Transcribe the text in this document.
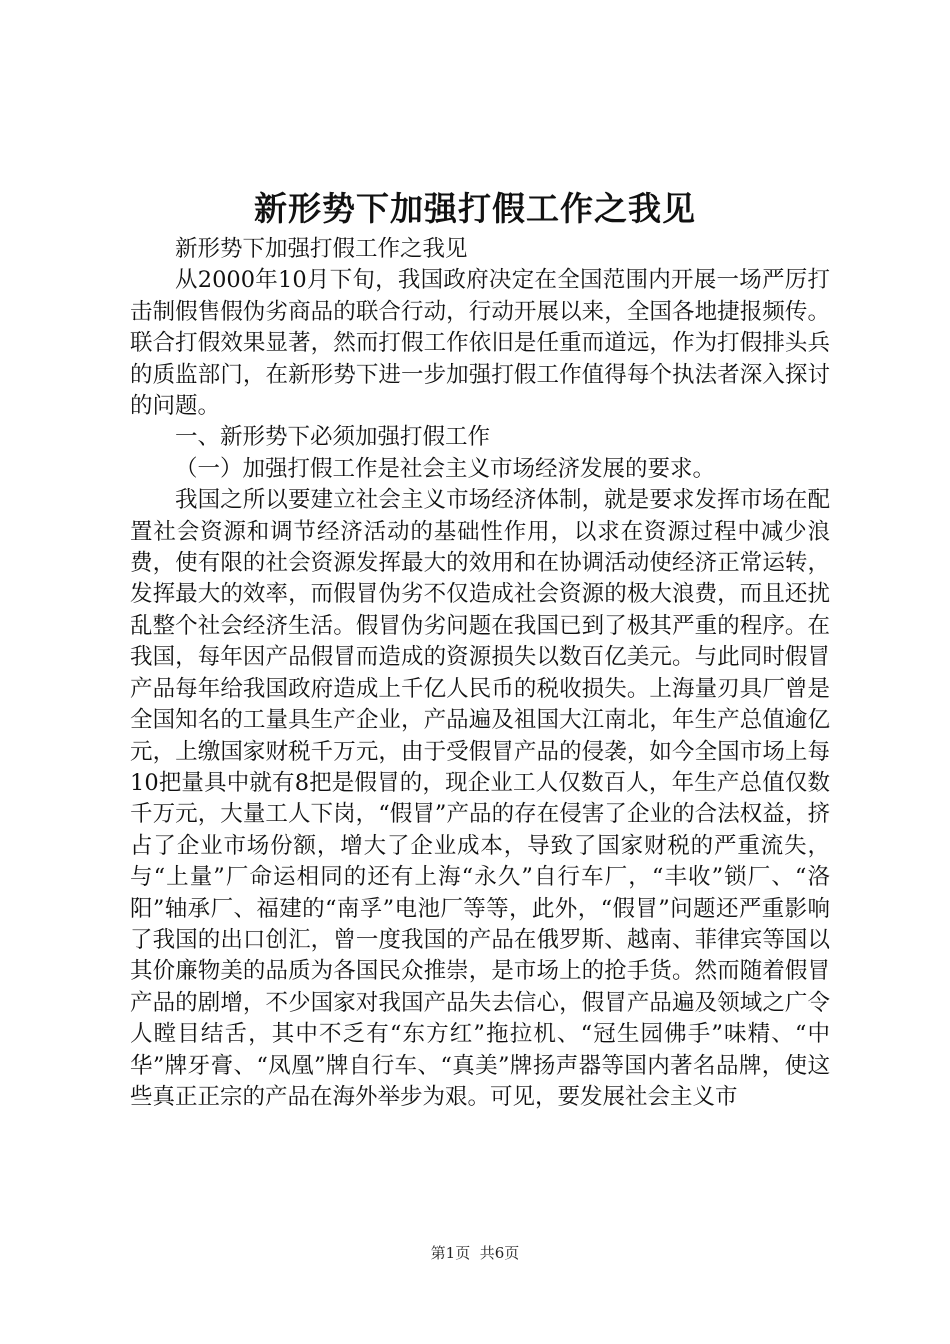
新形势下加强打假工作之我见

新形势下加强打假工作之我见

从2000年10月下旬，我国政府决定在全国范围内开展一场严厉打击制假售假伪劣商品的联合行动，行动开展以来，全国各地捷报频传。联合打假效果显著，然而打假工作依旧是任重而道远，作为打假排头兵的质监部门，在新形势下进一步加强打假工作值得每个执法者深入探讨的问题。

一、新形势下必须加强打假工作

（一）加强打假工作是社会主义市场经济发展的要求。

我国之所以要建立社会主义市场经济体制，就是要求发挥市场在配置社会资源和调节经济活动的基础性作用，以求在资源过程中减少浪费，使有限的社会资源发挥最大的效用和在协调活动使经济正常运转，发挥最大的效率，而假冒伪劣不仅造成社会资源的极大浪费，而且还扰乱整个社会经济生活。假冒伪劣问题在我国已到了极其严重的程序。在我国，每年因产品假冒而造成的资源损失以数百亿美元。与此同时假冒产品每年给我国政府造成上千亿人民币的税收损失。上海量刃具厂曾是全国知名的工量具生产企业，产品遍及祖国大江南北，年生产总值逾亿元，上缴国家财税千万元，由于受假冒产品的侵袭，如今全国市场上每10把量具中就有8把是假冒的，现企业工人仅数百人，年生产总值仅数千万元，大量工人下岗，“假冒”产品的存在侵害了企业的合法权益，挤占了企业市场份额，增大了企业成本，导致了国家财税的严重流失，与“上量”厂命运相同的还有上海“永久”自行车厂，“丰收”锁厂、“洛阳”轴承厂、福建的“南孚”电池厂等等，此外，“假冒”问题还严重影响了我国的出口创汇，曾一度我国的产品在俄罗斯、越南、菲律宾等国以其价廉物美的品质为各国民众推崇，是市场上的抢手货。然而随着假冒产品的剧增，不少国家对我国产品失去信心，假冒产品遍及领域之广令人瞠目结舌，其中不乏有“东方红”拖拉机、“冠生园佛手”味精、“中华”牌牙膏、“凤凰”牌自行车、“真美”牌扬声器等国内著名品牌，使这些真正正宗的产品在海外举步为艰。可见，要发展社会主义市

第1页 共6页
